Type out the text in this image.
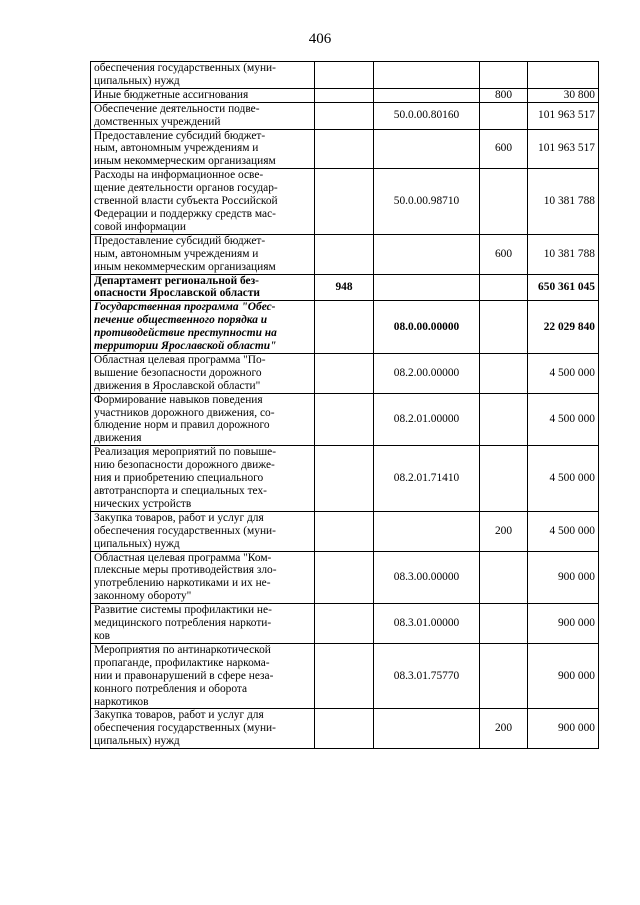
406
обеспечения государственных (муни-
ципальных) нужд				

Иные бюджетные ассигнования			800	30 800

Обеспечение деятельности подве-
домственных учреждений		50.0.00.80160		101 963 517

Предоставление субсидий бюджет-
ным, автономным учреждениям и
иным некоммерческим организациям			600	101 963 517

Расходы на информационное осве-
щение деятельности органов государ-
ственной власти субъекта Российской
Федерации и поддержку средств мас-
совой информации		50.0.00.98710		10 381 788

Предоставление субсидий бюджет-
ным, автономным учреждениям и
иным некоммерческим организациям			600	10 381 788

Департамент региональной без-
опасности Ярославской области	948			650 361 045

Государственная программа "Обес-
печение общественного порядка и
противодействие преступности на
территории Ярославской области"		08.0.00.00000		22 029 840

Областная целевая программа "По-
вышение безопасности дорожного
движения в Ярославской области"		08.2.00.00000		4 500 000

Формирование навыков поведения
участников дорожного движения, со-
блюдение норм и правил дорожного
движения		08.2.01.00000		4 500 000

Реализация мероприятий по повыше-
нию безопасности дорожного движе-
ния и приобретению специального
автотранспорта и специальных тех-
нических устройств		08.2.01.71410		4 500 000

Закупка товаров, работ и услуг для
обеспечения государственных (муни-
ципальных) нужд			200	4 500 000

Областная целевая программа "Ком-
плексные меры противодействия зло-
употреблению наркотиками и их не-
законному обороту"		08.3.00.00000		900 000

Развитие системы профилактики не-
медицинского потребления наркоти-
ков		08.3.01.00000		900 000

Мероприятия по антинаркотической
пропаганде, профилактике наркома-
нии и правонарушений в сфере неза-
конного потребления и оборота
наркотиков		08.3.01.75770		900 000

Закупка товаров, работ и услуг для
обеспечения государственных (муни-
ципальных) нужд			200	900 000
